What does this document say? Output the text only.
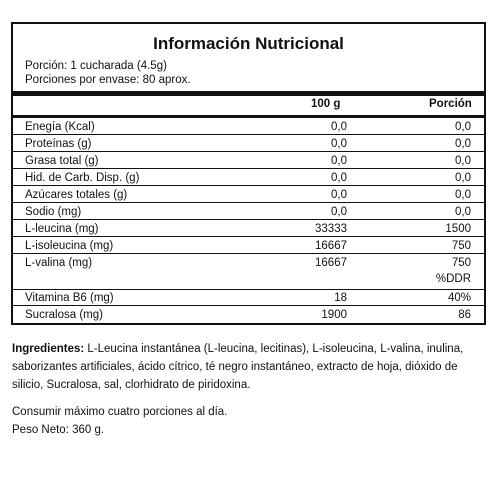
Información Nutricional
Porción: 1 cucharada (4.5g)
Porciones por envase: 80 aprox.
100 g	Porción
Enegía (Kcal)	0,0	0,0
Proteínas (g)	0,0	0,0
Grasa total (g)	0,0	0,0
Hid. de Carb. Disp. (g)	0,0	0,0
Azúcares totales (g)	0,0	0,0
Sodio (mg)	0,0	0,0
L-leucina (mg)	33333	1500
L-isoleucina (mg)	16667	750
L-valina (mg)	16667	750
%DDR
Vitamina B6 (mg)	18	40%
Sucralosa (mg)	1900	86
Ingredientes: L-Leucina instantánea (L-leucina, lecitinas), L-isoleucina, L-valina, inulina, saborizantes artificiales, ácido cítrico, té negro instantáneo, extracto de hoja, dióxido de silicio, Sucralosa, sal, clorhidrato de piridoxina.
Consumir máximo cuatro porciones al día.
Peso Neto: 360 g.
